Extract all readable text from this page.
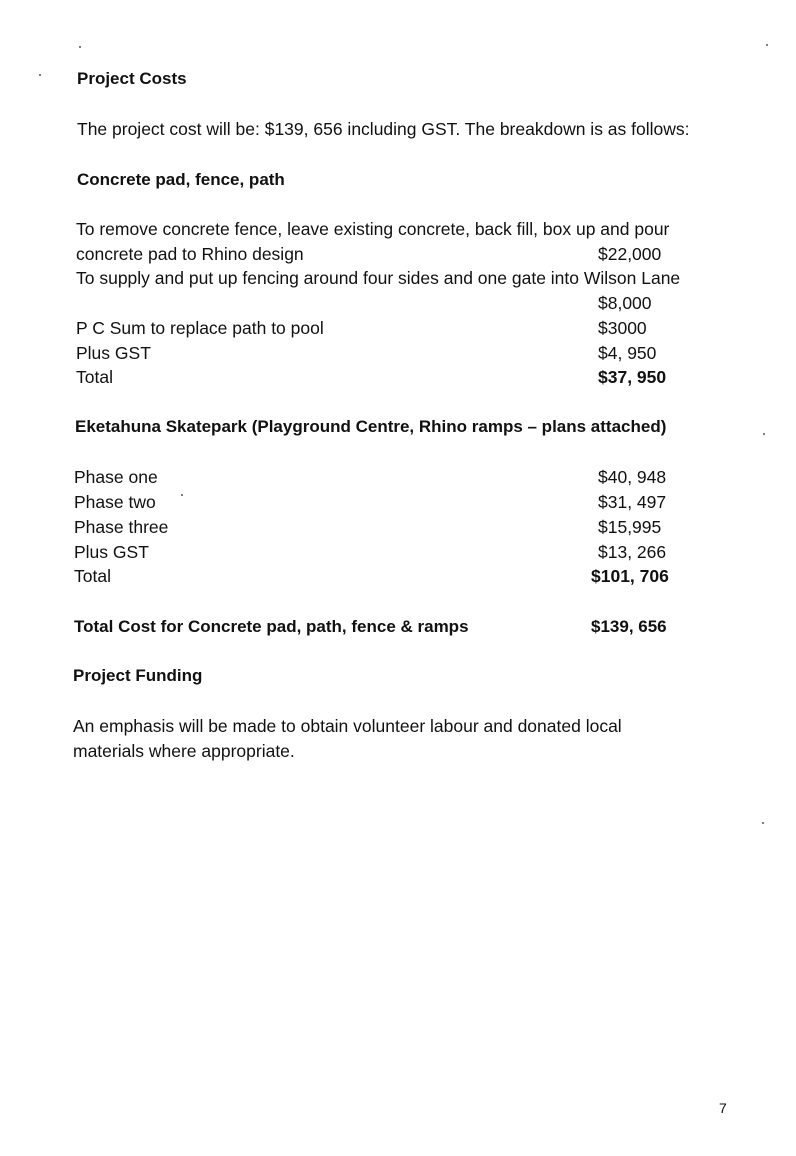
Project Costs
The project cost will be: $139, 656 including GST. The breakdown is as follows:
Concrete pad, fence, path
To remove concrete fence, leave existing concrete, back fill, box up and pour
concrete pad to Rhino design	$22,000
To supply and put up fencing around four sides and one gate into Wilson Lane
$8,000
P C Sum to replace path to pool	$3000
Plus GST	$4, 950
Total	$37, 950
Eketahuna Skatepark (Playground Centre, Rhino ramps – plans attached)
Phase one	$40, 948
Phase two	$31, 497
Phase three	$15,995
Plus GST	$13, 266
Total	$101, 706
Total Cost for Concrete pad, path, fence & ramps	$139, 656
Project Funding
An emphasis will be made to obtain volunteer labour and donated local
materials where appropriate.
7
